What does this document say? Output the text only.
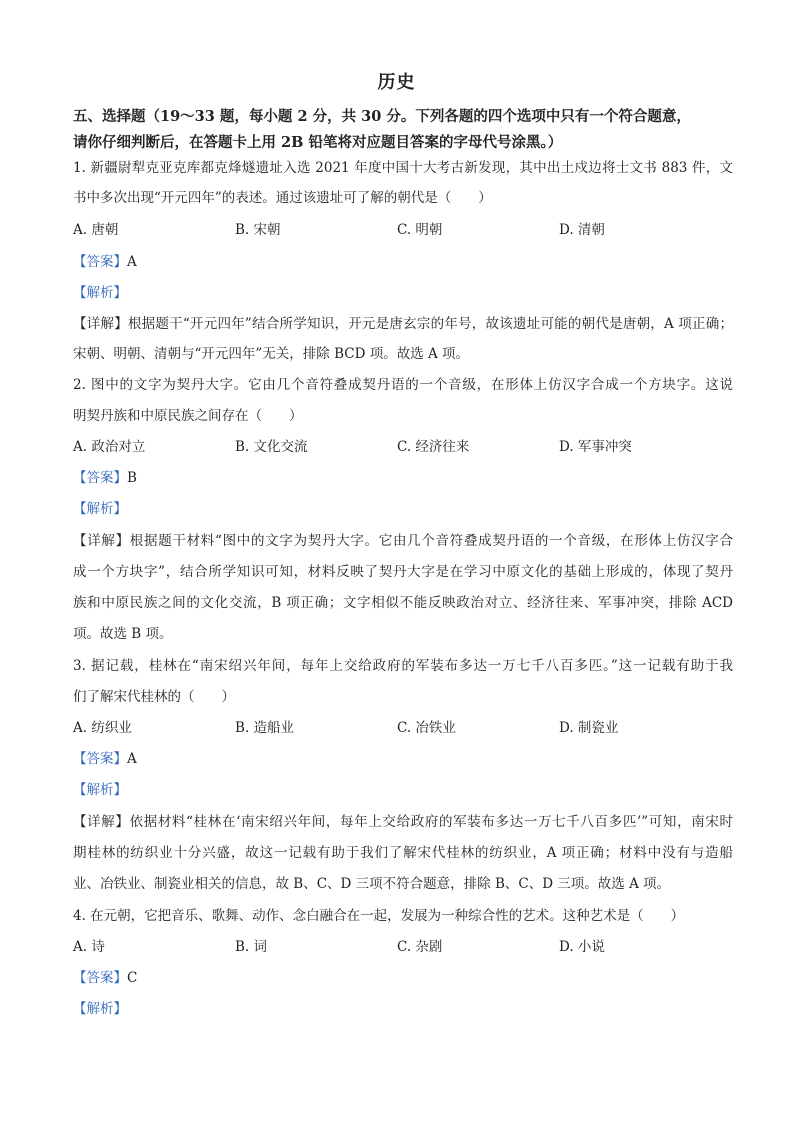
历史
五、选择题（19～33 题，每小题 2 分，共 30 分。下列各题的四个选项中只有一个符合题意，
请你仔细判断后，在答题卡上用 2B 铅笔将对应题目答案的字母代号涂黑。）
1. 新疆尉犁克亚克库都克烽燧遗址入选 2021 年度中国十大考古新发现，其中出土戍边将士文书 883 件，文
书中多次出现“开元四年”的表述。通过该遗址可了解的朝代是（　　）
A. 唐朝	B. 宋朝	C. 明朝	D. 清朝
【答案】A
【解析】
【详解】根据题干“开元四年”结合所学知识，开元是唐玄宗的年号，故该遗址可能的朝代是唐朝，A 项正确；
宋朝、明朝、清朝与“开元四年”无关，排除 BCD 项。故选 A 项。
2. 图中的文字为契丹大字。它由几个音符叠成契丹语的一个音级，在形体上仿汉字合成一个方块字。这说
明契丹族和中原民族之间存在（　　）
A. 政治对立	B. 文化交流	C. 经济往来	D. 军事冲突
【答案】B
【解析】
【详解】根据题干材料“图中的文字为契丹大字。它由几个音符叠成契丹语的一个音级，在形体上仿汉字合
成一个方块字”，结合所学知识可知，材料反映了契丹大字是在学习中原文化的基础上形成的，体现了契丹
族和中原民族之间的文化交流，B 项正确；文字相似不能反映政治对立、经济往来、军事冲突，排除 ACD
项。故选 B 项。
3. 据记载，桂林在“南宋绍兴年间，每年上交给政府的军装布多达一万七千八百多匹。”这一记载有助于我
们了解宋代桂林的（　　）
A. 纺织业	B. 造船业	C. 冶铁业	D. 制瓷业
【答案】A
【解析】
【详解】依据材料“桂林在‘南宋绍兴年间，每年上交给政府的军装布多达一万七千八百多匹’”可知，南宋时
期桂林的纺织业十分兴盛，故这一记载有助于我们了解宋代桂林的纺织业，A 项正确；材料中没有与造船
业、冶铁业、制瓷业相关的信息，故 B、C、D 三项不符合题意，排除 B、C、D 三项。故选 A 项。
4. 在元朝，它把音乐、歌舞、动作、念白融合在一起，发展为一种综合性的艺术。这种艺术是（　　）
A. 诗	B. 词	C. 杂剧	D. 小说
【答案】C
【解析】
